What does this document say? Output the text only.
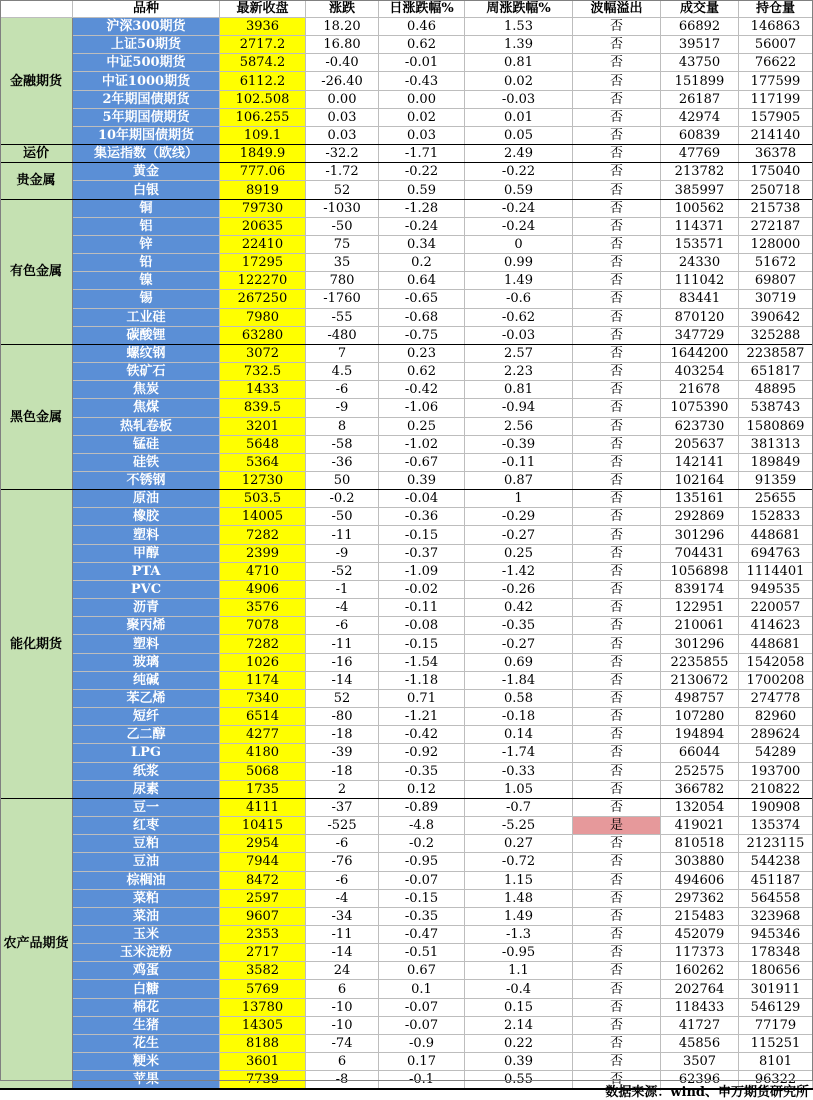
品种	最新收盘	涨跌	日涨跌幅%	周涨跌幅%	波幅溢出	成交量	持仓量
金融期货
沪深300期货	3936	18.20	0.46	1.53	否	66892	146863
上证50期货	2717.2	16.80	0.62	1.39	否	39517	56007
中证500期货	5874.2	-0.40	-0.01	0.81	否	43750	76622
中证1000期货	6112.2	-26.40	-0.43	0.02	否	151899	177599
2年期国债期货	102.508	0.00	0.00	-0.03	否	26187	117199
5年期国债期货	106.255	0.03	0.02	0.01	否	42974	157905
10年期国债期货	109.1	0.03	0.03	0.05	否	60839	214140
运价	集运指数（欧线）	1849.9	-32.2	-1.71	2.49	否	47769	36378
贵金属
黄金	777.06	-1.72	-0.22	-0.22	否	213782	175040
白银	8919	52	0.59	0.59	否	385997	250718
有色金属
铜	79730	-1030	-1.28	-0.24	否	100562	215738
铝	20635	-50	-0.24	-0.24	否	114371	272187
锌	22410	75	0.34	0	否	153571	128000
铅	17295	35	0.2	0.99	否	24330	51672
镍	122270	780	0.64	1.49	否	111042	69807
锡	267250	-1760	-0.65	-0.6	否	83441	30719
工业硅	7980	-55	-0.68	-0.62	否	870120	390642
碳酸锂	63280	-480	-0.75	-0.03	否	347729	325288
黑色金属
螺纹钢	3072	7	0.23	2.57	否	1644200	2238587
铁矿石	732.5	4.5	0.62	2.23	否	403254	651817
焦炭	1433	-6	-0.42	0.81	否	21678	48895
焦煤	839.5	-9	-1.06	-0.94	否	1075390	538743
热轧卷板	3201	8	0.25	2.56	否	623730	1580869
锰硅	5648	-58	-1.02	-0.39	否	205637	381313
硅铁	5364	-36	-0.67	-0.11	否	142141	189849
不锈钢	12730	50	0.39	0.87	否	102164	91359
能化期货
原油	503.5	-0.2	-0.04	1	否	135161	25655
橡胶	14005	-50	-0.36	-0.29	否	292869	152833
塑料	7282	-11	-0.15	-0.27	否	301296	448681
甲醇	2399	-9	-0.37	0.25	否	704431	694763
PTA	4710	-52	-1.09	-1.42	否	1056898	1114401
PVC	4906	-1	-0.02	-0.26	否	839174	949535
沥青	3576	-4	-0.11	0.42	否	122951	220057
聚丙烯	7078	-6	-0.08	-0.35	否	210061	414623
塑料	7282	-11	-0.15	-0.27	否	301296	448681
玻璃	1026	-16	-1.54	0.69	否	2235855	1542058
纯碱	1174	-14	-1.18	-1.84	否	2130672	1700208
苯乙烯	7340	52	0.71	0.58	否	498757	274778
短纤	6514	-80	-1.21	-0.18	否	107280	82960
乙二醇	4277	-18	-0.42	0.14	否	194894	289624
LPG	4180	-39	-0.92	-1.74	否	66044	54289
纸浆	5068	-18	-0.35	-0.33	否	252575	193700
尿素	1735	2	0.12	1.05	否	366782	210822
农产品期货
豆一	4111	-37	-0.89	-0.7	否	132054	190908
红枣	10415	-525	-4.8	-5.25	是	419021	135374
豆粕	2954	-6	-0.2	0.27	否	810518	2123115
豆油	7944	-76	-0.95	-0.72	否	303880	544238
棕榈油	8472	-6	-0.07	1.15	否	494606	451187
菜粕	2597	-4	-0.15	1.48	否	297362	564558
菜油	9607	-34	-0.35	1.49	否	215483	323968
玉米	2353	-11	-0.47	-1.3	否	452079	945346
玉米淀粉	2717	-14	-0.51	-0.95	否	117373	178348
鸡蛋	3582	24	0.67	1.1	否	160262	180656
白糖	5769	6	0.1	-0.4	否	202764	301911
棉花	13780	-10	-0.07	0.15	否	118433	546129
生猪	14305	-10	-0.07	2.14	否	41727	77179
花生	8188	-74	-0.9	0.22	否	45856	115251
粳米	3601	6	0.17	0.39	否	3507	8101
苹果	7739	-8	-0.1	0.55	否	62396	96322
数据来源：wind、申万期货研究所
